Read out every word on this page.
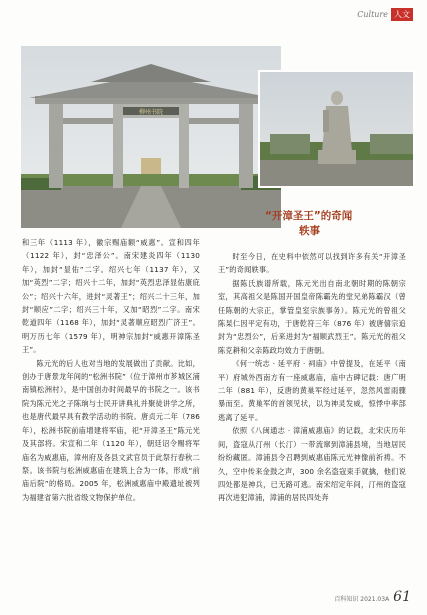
Culture 人文
柳州书院
“开漳圣王”的奇闻
轶事

和三年（1113 年），徽宗赐庙额“威惠”。宣和四年（1122 年），封“忠泽公”。南宋建炎四年（1130 年），加封“显佑”二字。绍兴七年（1137 年），又加“英烈”二字；绍兴十二年，加封“英烈忠泽显佑康庇公”；绍兴十六年，进封“灵著王”；绍兴二十三年，加封“顺应”二字；绍兴三十年，又加“昭烈”二字。南宋乾道四年（1168 年），加封“灵著顺应昭烈广济王”。明万历七年（1579 年），明神宗加封“威惠开漳陈圣王”。

陈元光的后人也对当地的发展做出了贡献。比如，创办于唐景龙年间的“松洲书院”（位于漳州市芗城区浦南镇松洲村），是中国创办时间最早的书院之一。该书院为陈元光之子陈珦与士民开讲典礼并聚徒讲学之所，也是唐代最早具有教学活动的书院。唐贞元二年（786 年），松洲书院前庙增建将军庙，祀“开漳圣王”陈元光及其部将。宋宣和二年（1120 年），朝廷诏令赐将军庙名为威惠庙，漳州府及各县文武官员于此祭行春秋二祭。该书院与松洲威惠庙在建筑上合为一体，形成“前庙后院”的格局。2005 年，松洲威惠庙中殿遗址被列为福建省第六批省级文物保护单位。

时至今日，在史料中依然可以找到许多有关“开漳圣王”的奇闻轶事。

据陈氏族谱所载，陈元光出自南北朝时期的陈朝宗室，其高祖父是陈国开国皇帝陈霸先的堂兄弟陈霸汉（曾任陈朝的大宗正，掌管皇室宗族事务）。陈元光的曾祖父陈杲仁因平定有功，于唐乾符三年（876 年）被唐僖宗追封为“忠烈公”，后来进封为“福顺武烈王”。陈元光的祖父陈克耕和父亲陈政均效力于唐朝。

《何一统志 · 延平府 · 祠庙》中曾提及，在延平（南平）府城外西南方有一座威惠庙，庙中古碑记载：唐广明二年（881 年），反唐的黄巢军经过延平，忽然风雷雨骤暴而至。黄巢军的首领见状，以为神灵发威，惊悸中率部逃离了延平。

依照《八闽通志 · 漳浦威惠庙》的记载，北宋庆历年间，盗寇从汀州（长汀）一带流窜到漳浦县境，当地居民纷纷藏匿。漳浦县令召聘到威惠庙陈元光神像前祈祷。不久，空中传来金鼓之声，300 余名盗寇束手就擒，他们说四处都是神兵，已无路可逃。南宋绍定年间，汀州的盗寇再次进犯漳浦，漳浦的居民四处奔

百科知识 2021.03A 61
